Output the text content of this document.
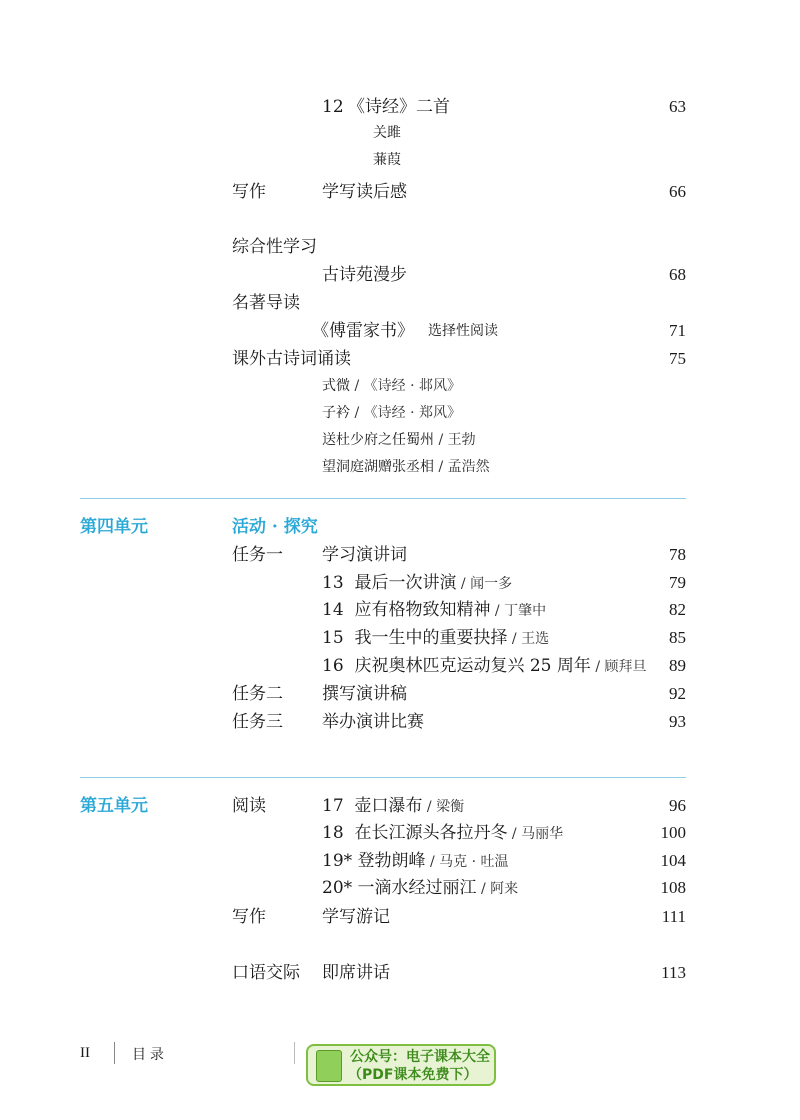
12 《诗经》二首	63
关雎
蒹葭
写作	学写读后感	66
综合性学习
古诗苑漫步	68
名著导读
《傅雷家书》 选择性阅读	71
课外古诗词诵读	75
式微 / 《诗经 · 邶风》
子衿 / 《诗经 · 郑风》
送杜少府之任蜀州 / 王勃
望洞庭湖赠张丞相 / 孟浩然
第四单元	活动 · 探究
任务一 学习演讲词	78
13 最后一次讲演 / 闻一多	79
14 应有格物致知精神 / 丁肇中	82
15 我一生中的重要抉择 / 王选	85
16 庆祝奥林匹克运动复兴 25 周年 / 顾拜旦 89
任务二 撰写演讲稿	92
任务三 举办演讲比赛	93
第五单元	阅读	17 壶口瀑布 / 梁衡	96
18 在长江源头各拉丹冬 / 马丽华	100
19* 登勃朗峰 / 马克 · 吐温	104
20* 一滴水经过丽江 / 阿来	108
写作	学写游记	111
口语交际 即席讲话	113
II	目 录	公众号：电子课本大全
（PDF课本免费下）
